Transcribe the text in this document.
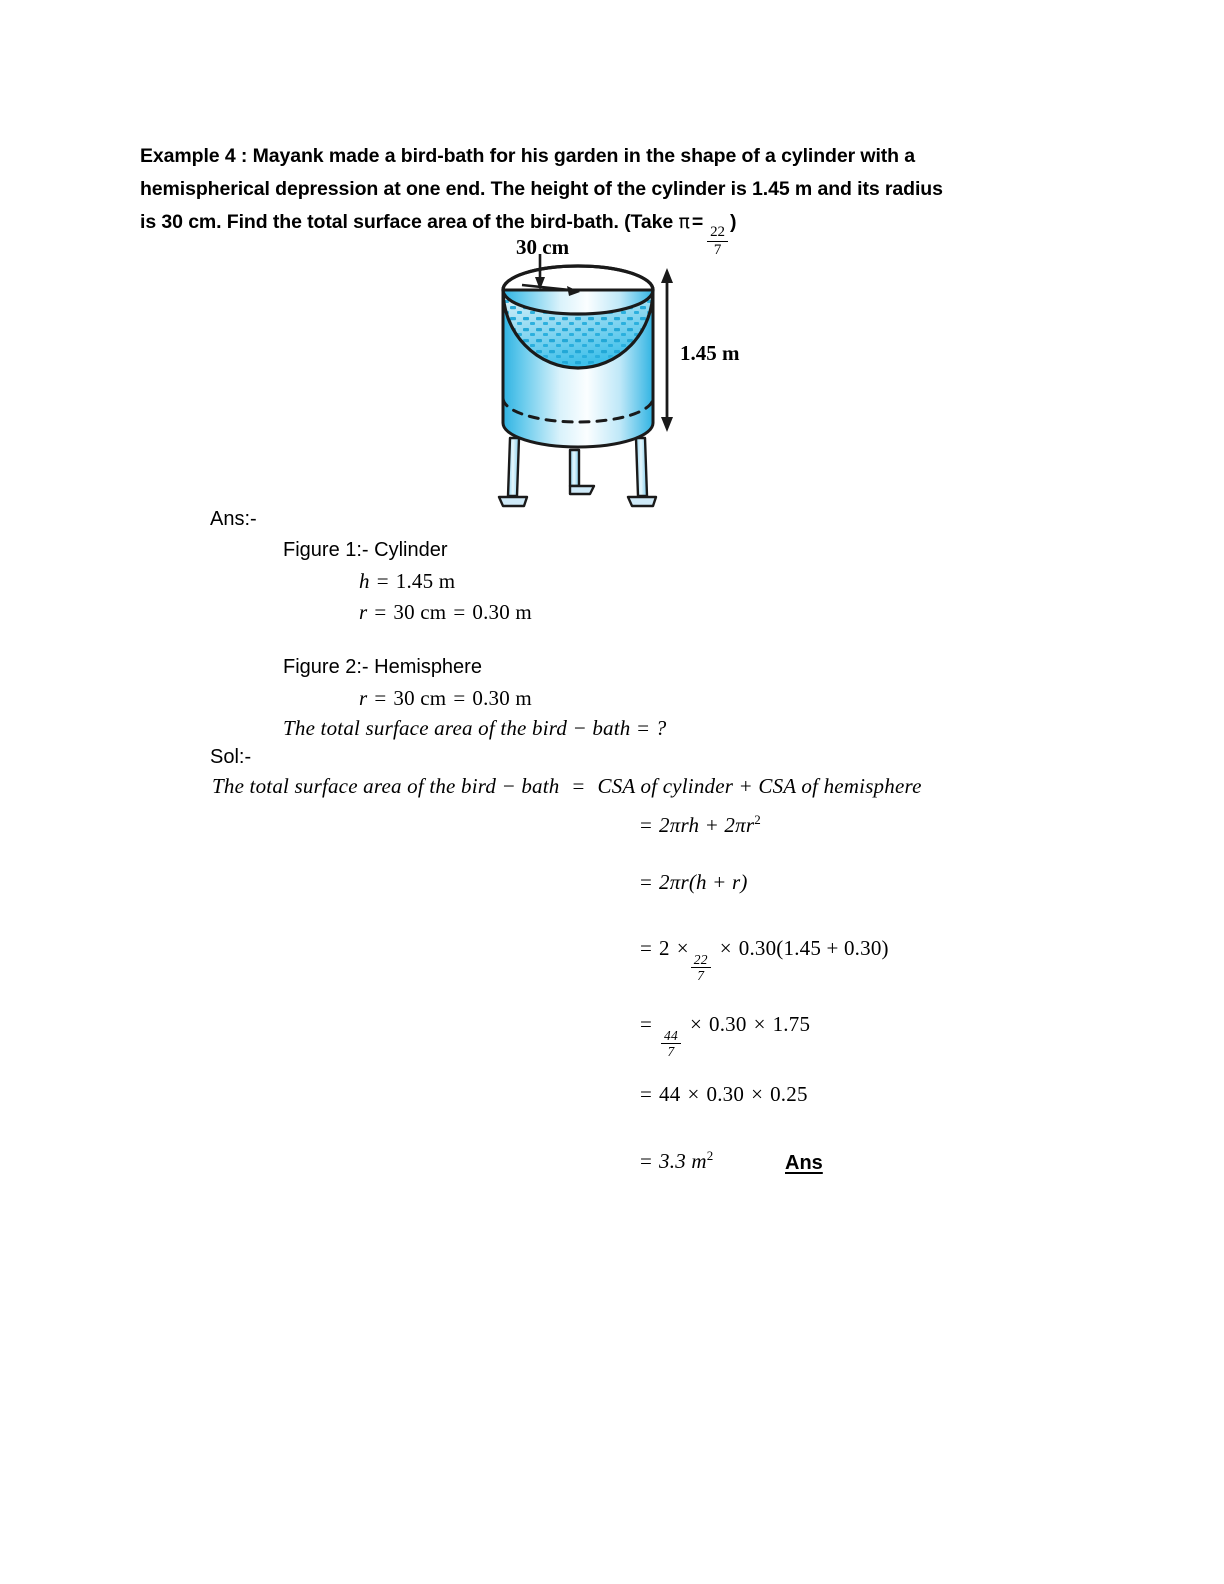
Example 4 : Mayank made a bird-bath for his garden in the shape of a cylinder with a
hemispherical depression at one end. The height of the cylinder is 1.45 m and its radius
is 30 cm. Find the total surface area of the bird-bath. (Take π =
$\frac{22}{7}$
)
30 cm
1.45 m
Ans:-
Figure 1:- Cylinder
h = 1.45 m
r = 30 cm = 0.30 m
Figure 2:- Hemisphere
r = 30 cm = 0.30 m
The total surface area of the bird − bath = ?
Sol:-
The total surface area of the bird − bath = CSA of cylinder + CSA of hemisphere
= $2\pi rh + 2\pi r^2$
= 2πr(h + r)
= 2 ×
$\frac{22}{7}$
× 0.30(1.45 + 0.30)
=
$\frac{44}{7}$
× 0.30 × 1.75
= 44 × 0.30 × 0.25
= 3.3 $m^2$	Ans
